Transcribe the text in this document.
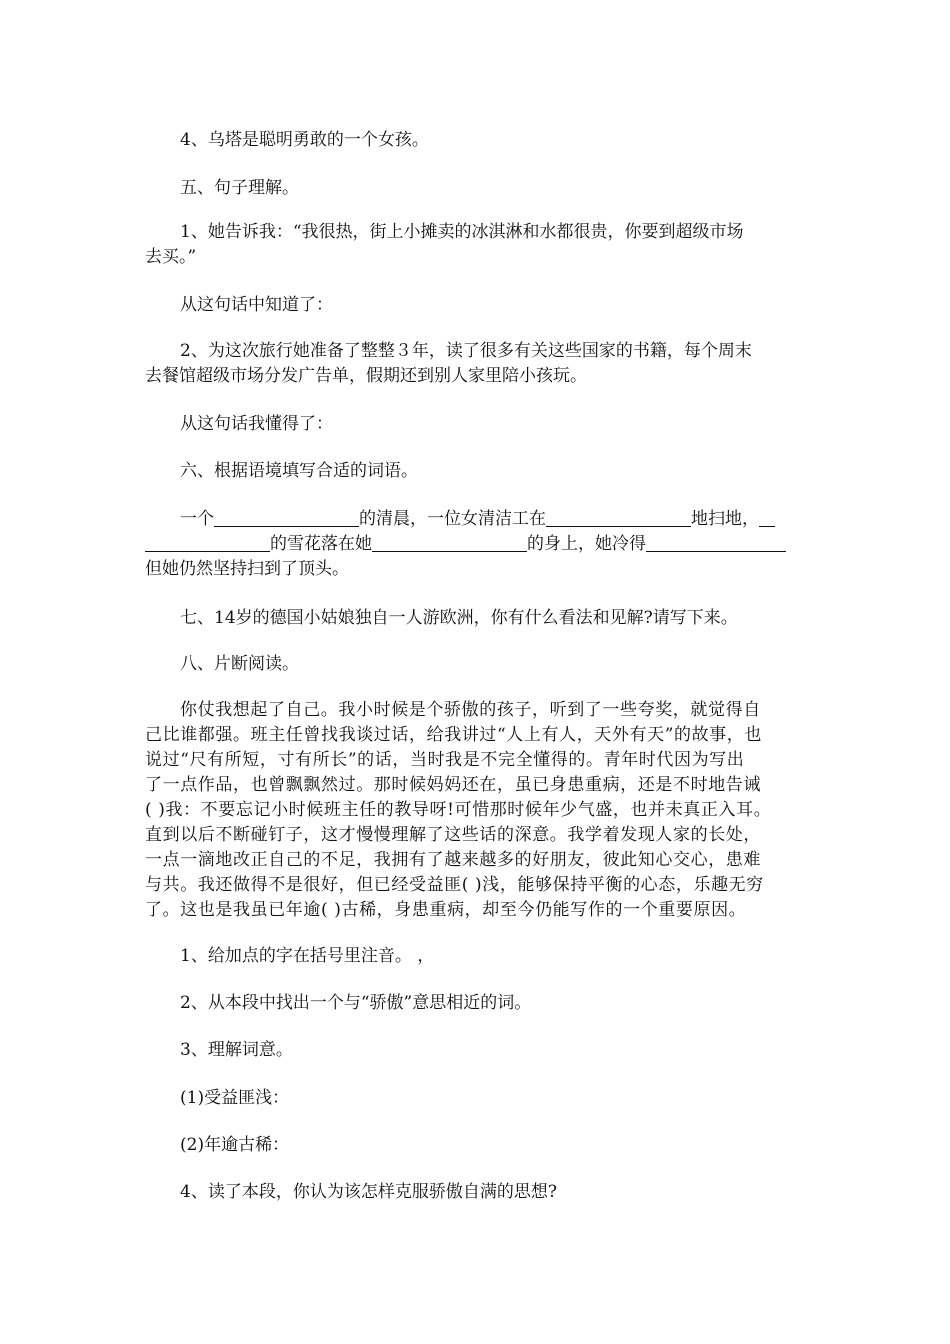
4、乌塔是聪明勇敢的一个女孩。

五、句子理解。

1、她告诉我：“我很热，街上小摊卖的冰淇淋和水都很贵，你要到超级市场
去买。”

从这句话中知道了：

2、为这次旅行她准备了整整３年，读了很多有关这些国家的书籍，每个周末
去餐馆超级市场分发广告单，假期还到别人家里陪小孩玩。

从这句话我懂得了：

六、根据语境填写合适的词语。

一个	的清晨，一位女清洁工在	地扫地，
的雪花落在她	的身上，她冷得
但她仍然坚持扫到了顶头。

七、14岁的德国小姑娘独自一人游欧洲，你有什么看法和见解?请写下来。

八、片断阅读。

你仗我想起了自己。我小时候是个骄傲的孩子，听到了一些夸奖，就觉得自
己比谁都强。班主任曾找我谈过话，给我讲过“人上有人，天外有天”的故事，也
说过“尺有所短，寸有所长”的话，当时我是不完全懂得的。青年时代因为写出
了一点作品，也曾飘飘然过。那时候妈妈还在，虽已身患重病，还是不时地告诫
( )我：不要忘记小时候班主任的教导呀!可惜那时候年少气盛，也并未真正入耳。
直到以后不断碰钉子，这才慢慢理解了这些话的深意。我学着发现人家的长处，
一点一滴地改正自己的不足，我拥有了越来越多的好朋友，彼此知心交心，患难
与共。我还做得不是很好，但已经受益匪( )浅，能够保持平衡的心态，乐趣无穷
了。这也是我虽已年逾( )古稀，身患重病，却至今仍能写作的一个重要原因。

1、给加点的字在括号里注音。 ，

2、从本段中找出一个与“骄傲”意思相近的词。

3、理解词意。

(1)受益匪浅：

(2)年逾古稀：

4、读了本段，你认为该怎样克服骄傲自满的思想?
